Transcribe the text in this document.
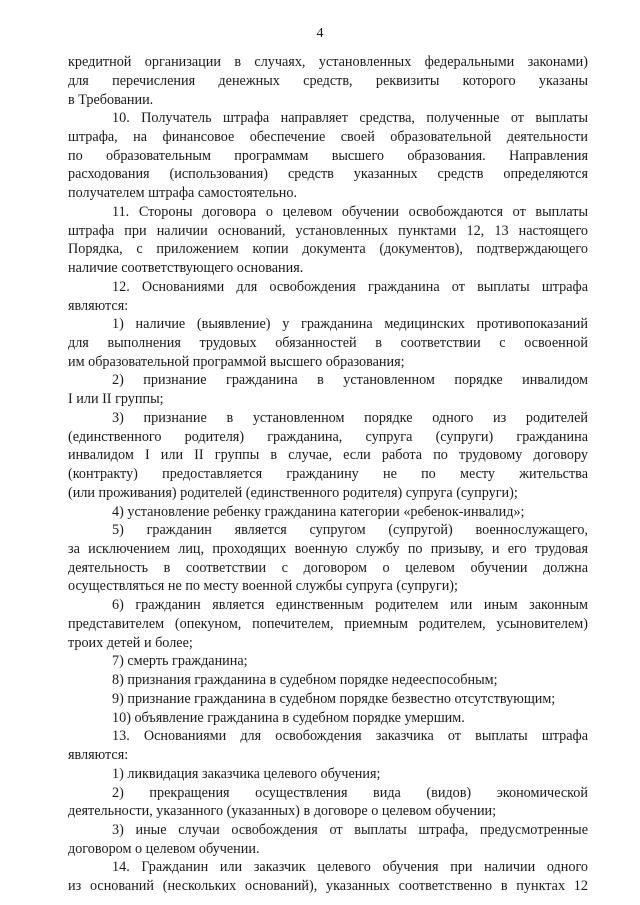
4
кредитной организации в случаях, установленных федеральными законами)
для перечисления денежных средств, реквизиты которого указаны
в Требовании.
10. Получатель штрафа направляет средства, полученные от выплаты
штрафа, на финансовое обеспечение своей образовательной деятельности
по образовательным программам высшего образования. Направления
расходования (использования) средств указанных средств определяются
получателем штрафа самостоятельно.
11. Стороны договора о целевом обучении освобождаются от выплаты
штрафа при наличии оснований, установленных пунктами 12, 13 настоящего
Порядка, с приложением копии документа (документов), подтверждающего
наличие соответствующего основания.
12. Основаниями для освобождения гражданина от выплаты штрафа
являются:
1) наличие (выявление) у гражданина медицинских противопоказаний
для выполнения трудовых обязанностей в соответствии с освоенной
им образовательной программой высшего образования;
2) признание гражданина в установленном порядке инвалидом
I или II группы;
3) признание в установленном порядке одного из родителей
(единственного родителя) гражданина, супруга (супруги) гражданина
инвалидом I или II группы в случае, если работа по трудовому договору
(контракту) предоставляется гражданину не по месту жительства
(или проживания) родителей (единственного родителя) супруга (супруги);
4) установление ребенку гражданина категории «ребенок-инвалид»;
5) гражданин является супругом (супругой) военнослужащего,
за исключением лиц, проходящих военную службу по призыву, и его трудовая
деятельность в соответствии с договором о целевом обучении должна
осуществляться не по месту военной службы супруга (супруги);
6) гражданин является единственным родителем или иным законным
представителем (опекуном, попечителем, приемным родителем, усыновителем)
троих детей и более;
7) смерть гражданина;
8) признания гражданина в судебном порядке недееспособным;
9) признание гражданина в судебном порядке безвестно отсутствующим;
10) объявление гражданина в судебном порядке умершим.
13. Основаниями для освобождения заказчика от выплаты штрафа
являются:
1) ликвидация заказчика целевого обучения;
2) прекращения осуществления вида (видов) экономической
деятельности, указанного (указанных) в договоре о целевом обучении;
3) иные случаи освобождения от выплаты штрафа, предусмотренные
договором о целевом обучении.
14. Гражданин или заказчик целевого обучения при наличии одного
из оснований (нескольких оснований), указанных соответственно в пунктах 12
